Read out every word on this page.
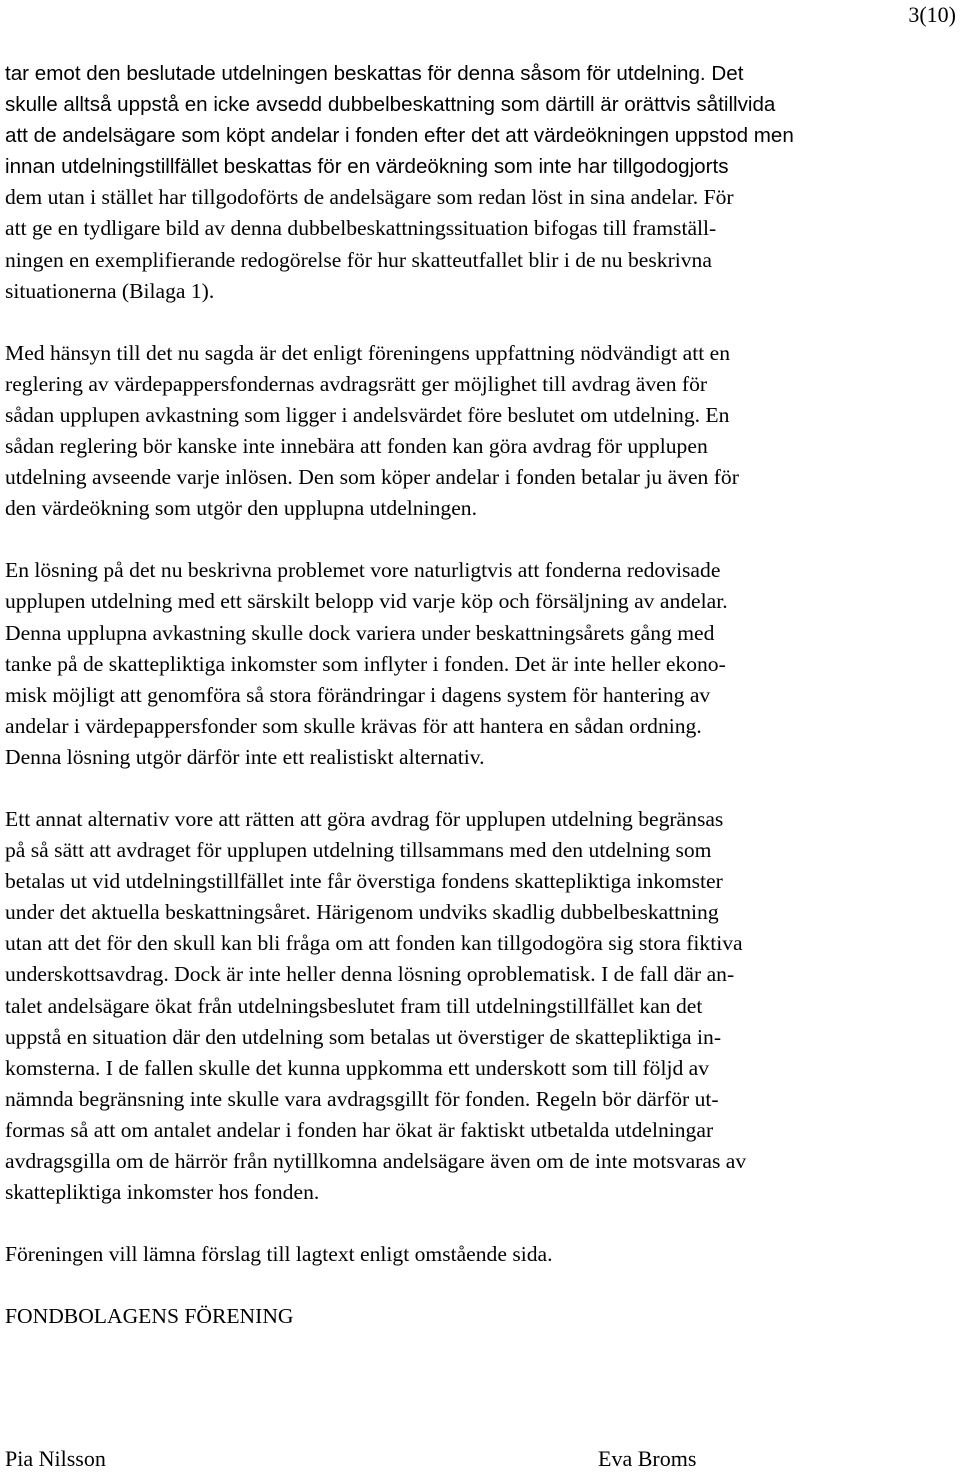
3(10)

tar emot den beslutade utdelningen beskattas för denna såsom för utdelning. Det
skulle alltså uppstå en icke avsedd dubbelbeskattning som därtill är orättvis såtillvida
att de andelsägare som köpt andelar i fonden efter det att värdeökningen uppstod men
innan utdelningstillfället beskattas för en värdeökning som inte har tillgodogjorts
dem utan i stället har tillgodoförts de andelsägare som redan löst in sina andelar. För
att ge en tydligare bild av denna dubbelbeskattningssituation bifogas till framställ-
ningen en exemplifierande redogörelse för hur skatteutfallet blir i de nu beskrivna
situationerna (Bilaga 1).

Med hänsyn till det nu sagda är det enligt föreningens uppfattning nödvändigt att en
reglering av värdepappersfondernas avdragsrätt ger möjlighet till avdrag även för
sådan upplupen avkastning som ligger i andelsvärdet före beslutet om utdelning. En
sådan reglering bör kanske inte innebära att fonden kan göra avdrag för upplupen
utdelning avseende varje inlösen. Den som köper andelar i fonden betalar ju även för
den värdeökning som utgör den upplupna utdelningen.

En lösning på det nu beskrivna problemet vore naturligtvis att fonderna redovisade
upplupen utdelning med ett särskilt belopp vid varje köp och försäljning av andelar.
Denna upplupna avkastning skulle dock variera under beskattningsårets gång med
tanke på de skattepliktiga inkomster som inflyter i fonden. Det är inte heller ekono-
misk möjligt att genomföra så stora förändringar i dagens system för hantering av
andelar i värdepappersfonder som skulle krävas för att hantera en sådan ordning.
Denna lösning utgör därför inte ett realistiskt alternativ.

Ett annat alternativ vore att rätten att göra avdrag för upplupen utdelning begränsas
på så sätt att avdraget för upplupen utdelning tillsammans med den utdelning som
betalas ut vid utdelningstillfället inte får överstiga fondens skattepliktiga inkomster
under det aktuella beskattningsåret. Härigenom undviks skadlig dubbelbeskattning
utan att det för den skull kan bli fråga om att fonden kan tillgodogöra sig stora fiktiva
underskottsavdrag. Dock är inte heller denna lösning oproblematisk. I de fall där an-
talet andelsägare ökat från utdelningsbeslutet fram till utdelningstillfället kan det
uppstå en situation där den utdelning som betalas ut överstiger de skattepliktiga in-
komsterna. I de fallen skulle det kunna uppkomma ett underskott som till följd av
nämnda begränsning inte skulle vara avdragsgillt för fonden. Regeln bör därför ut-
formas så att om antalet andelar i fonden har ökat är faktiskt utbetalda utdelningar
avdragsgilla om de härrör från nytillkomna andelsägare även om de inte motsvaras av
skattepliktiga inkomster hos fonden.

Föreningen vill lämna förslag till lagtext enligt omstående sida.

FONDBOLAGENS FÖRENING
Pia Nilsson	Eva Broms
